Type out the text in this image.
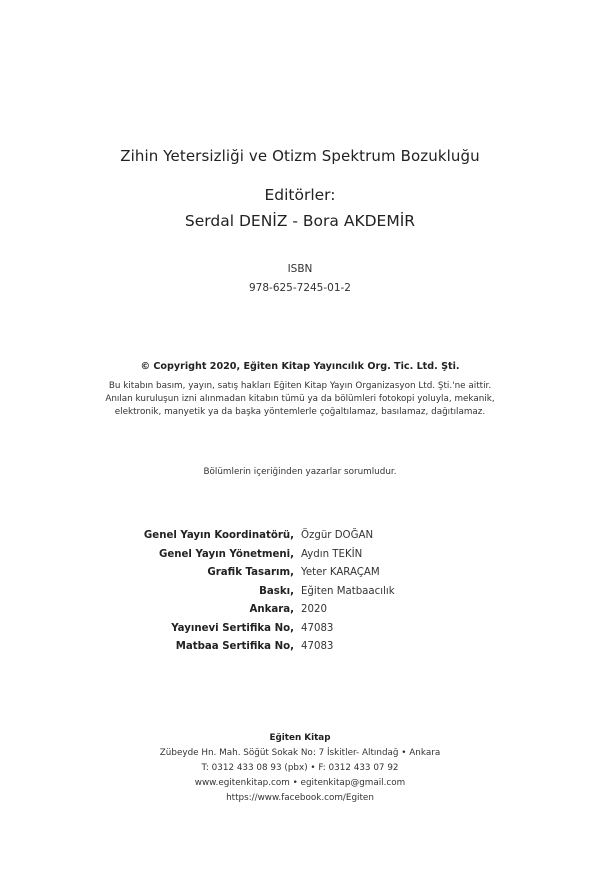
Zihin Yetersizliği ve Otizm Spektrum Bozukluğu
Editörler:
Serdal DENİZ - Bora AKDEMİR
ISBN
978-625-7245-01-2
© Copyright 2020, Eğiten Kitap Yayıncılık Org. Tic. Ltd. Şti.
Bu kitabın basım, yayın, satış hakları Eğiten Kitap Yayın Organizasyon Ltd. Şti.'ne aittir.
Anılan kuruluşun izni alınmadan kitabın tümü ya da bölümleri fotokopi yoluyla, mekanik,
elektronik, manyetik ya da başka yöntemlerle çoğaltılamaz, basılamaz, dağıtılamaz.
Bölümlerin içeriğinden yazarlar sorumludur.
Genel Yayın Koordinatörü, Özgür DOĞAN
Genel Yayın Yönetmeni, Aydın TEKİN
Grafik Tasarım, Yeter KARAÇAM
Baskı, Eğiten Matbaacılık
Ankara, 2020
Yayınevi Sertifika No, 47083
Matbaa Sertifika No, 47083
Eğiten Kitap
Zübeyde Hn. Mah. Söğüt Sokak No: 7 İskitler- Altındağ • Ankara
T: 0312 433 08 93 (pbx) • F: 0312 433 07 92
www.egitenkitap.com • egitenkitap@gmail.com
https://www.facebook.com/Egiten
